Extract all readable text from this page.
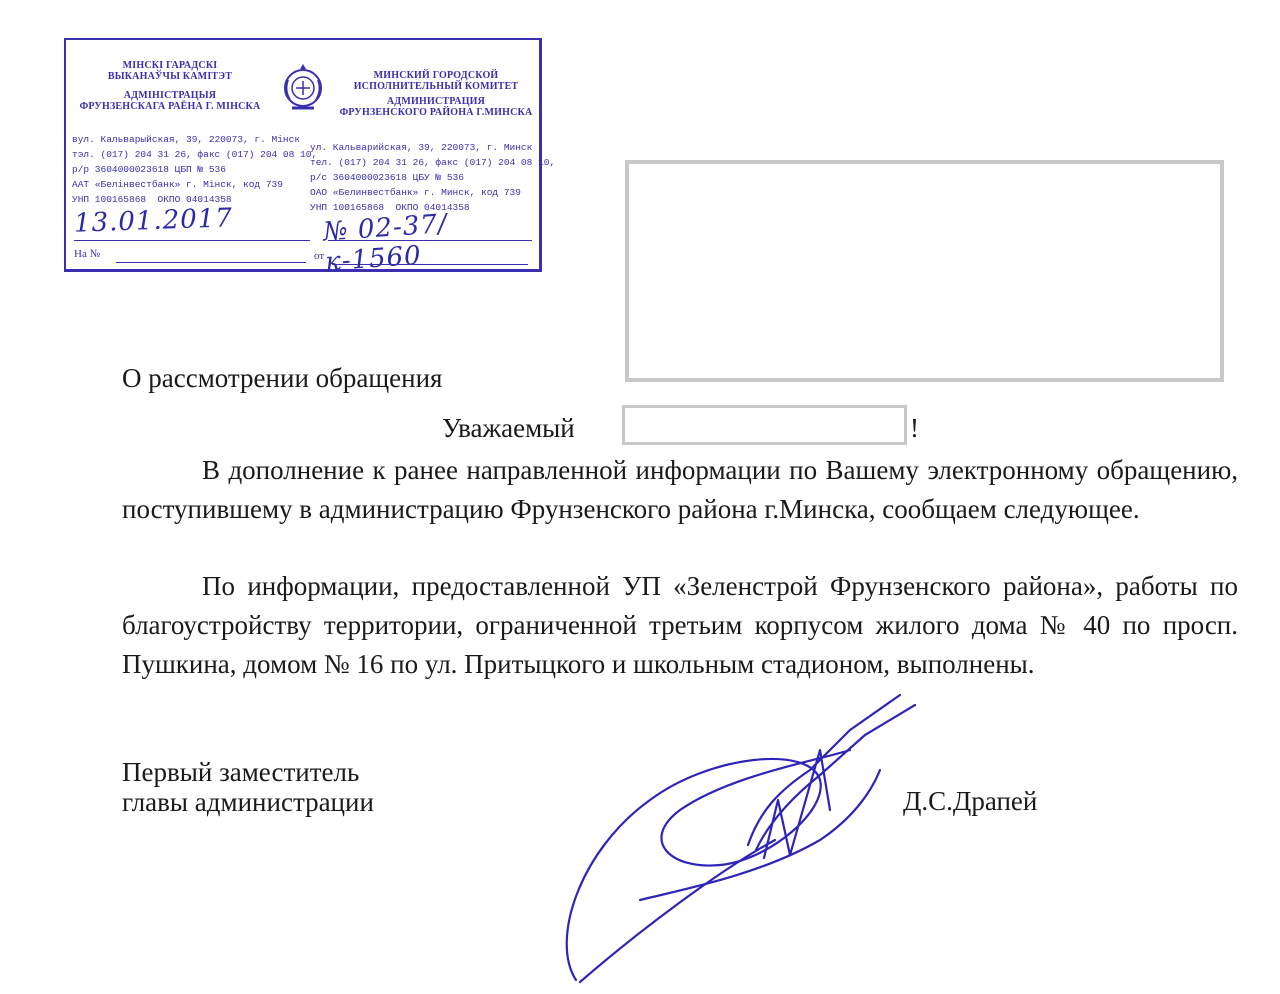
МІНСКІ ГАРАДСКІ
ВЫКАНАЎЧЫ КАМІТЭТ
АДМІНІСТРАЦЫЯ
ФРУНЗЕНСКАГА РАЁНА Г. МІНСКА
МИНСКИЙ ГОРОДСКОЙ
ИСПОЛНИТЕЛЬНЫЙ КОМИТЕТ
АДМИНИСТРАЦИЯ
ФРУНЗЕНСКОГО РАЙОНА Г.МИНСКА
вул. Кальварыйская, 39, 220073, г. Мінск
тэл. (017) 204 31 26, факс (017) 204 08 10,
р/р 3604000023618 ЦБП № 536
ААТ «Белінвестбанк» г. Мінск, код 739
УНП 100165868  ОКПО 04014358
ул. Кальварийская, 39, 220073, г. Минск
тел. (017) 204 31 26, факс (017) 204 08 10,
р/с 3604000023618 ЦБУ № 536
ОАО «Белинвестбанк» г. Минск, код 739
УНП 100165868  ОКПО 04014358
13.01.2017	№ 02-37/к-1560
На №	от
О рассмотрении обращения
Уважаемый	!
В дополнение к ранее направленной информации по Вашему электронному обращению, поступившему в администрацию Фрунзенского района г.Минска, сообщаем следующее.
По информации, предоставленной УП «Зеленстрой Фрунзенского района», работы по благоустройству территории, ограниченной третьим корпусом жилого дома № 40 по просп. Пушкина, домом № 16 по ул. Притыцкого и школьным стадионом, выполнены.
Первый заместитель
главы администрации	Д.С.Драпей
